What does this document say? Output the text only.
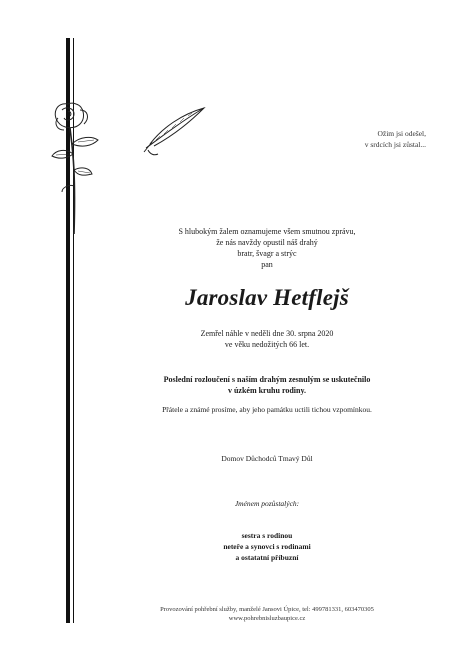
Ožim jsi odešel,
v srdcích jsi zůstal...
S hlubokým žalem oznamujeme všem smutnou zprávu,
že nás navždy opustil náš drahý
bratr, švagr a strýc
pan
Jaroslav Hetflejš
Zemřel náhle v neděli dne 30. srpna 2020
ve věku nedožitých 66 let.
Poslední rozloučení s naším drahým zesnulým se uskutečnilo
v úzkém kruhu rodiny.
Přátele a známé prosíme, aby jeho památku uctili tichou vzpomínkou.
Domov Důchodců Tmavý Důl
Jménem pozůstalých:
sestra s rodinou
neteře a synovci s rodinami
a ostatatní příbuzní
Provozování pohřební služby, manželé Jansovi Úpice, tel: 499781331, 603470305
www.pohrebnisluzbaupice.cz
